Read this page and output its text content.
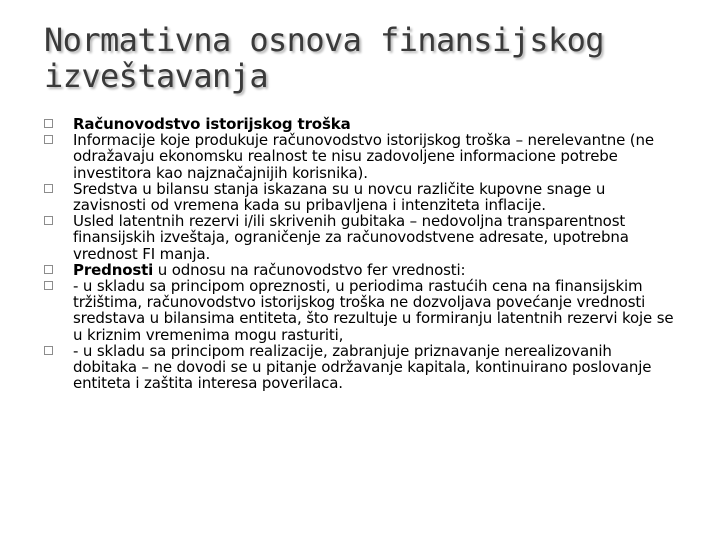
Normativna osnova finansijskog izveštavanja
Računovodstvo istorijskog troška
Informacije koje produkuje računovodstvo istorijskog troška – nerelevantne (ne odražavaju ekonomsku realnost te nisu zadovoljene informacione potrebe investitora kao najznačajnijih korisnika).
Sredstva u bilansu stanja iskazana su u novcu različite kupovne snage u zavisnosti od vremena kada su pribavljena i intenziteta inflacije.
Usled latentnih rezervi i/ili skrivenih gubitaka – nedovoljna transparentnost finansijskih izveštaja, ograničenje za računovodstvene adresate, upotrebna vrednost FI manja.
Prednosti u odnosu na računovodstvo fer vrednosti:
- u skladu sa principom opreznosti, u periodima rastućih cena na finansijskim tržištima, računovodstvo istorijskog troška ne dozvoljava povećanje vrednosti sredstava u bilansima entiteta, što rezultuje u formiranju latentnih rezervi koje se u kriznim vremenima mogu rasturiti,
- u skladu sa principom realizacije, zabranjuje priznavanje nerealizovanih dobitaka – ne dovodi se u pitanje održavanje kapitala, kontinuirano poslovanje entiteta i zaštita interesa poverilaca.
